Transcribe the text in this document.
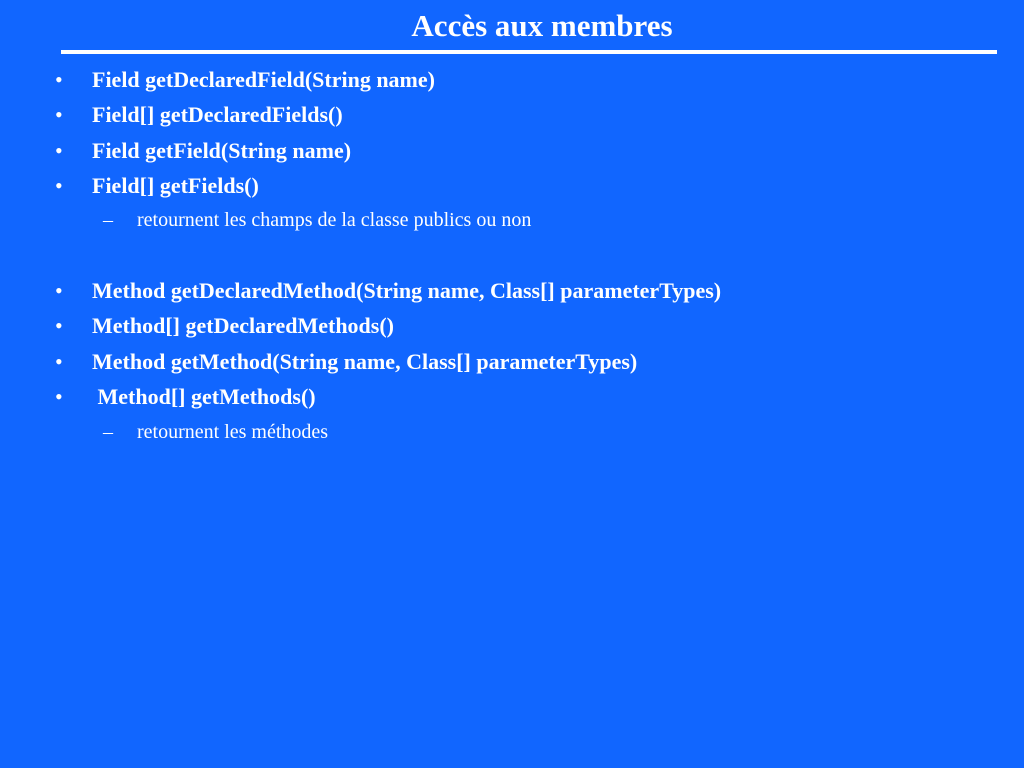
Accès aux membres
• Field getDeclaredField(String name)
• Field[] getDeclaredFields()
• Field getField(String name)
• Field[] getFields()
– retournent les champs de la classe publics ou non
• Method getDeclaredMethod(String name, Class[] parameterTypes)
• Method[] getDeclaredMethods()
• Method getMethod(String name, Class[] parameterTypes)
• Method[] getMethods()
– retournent les méthodes
